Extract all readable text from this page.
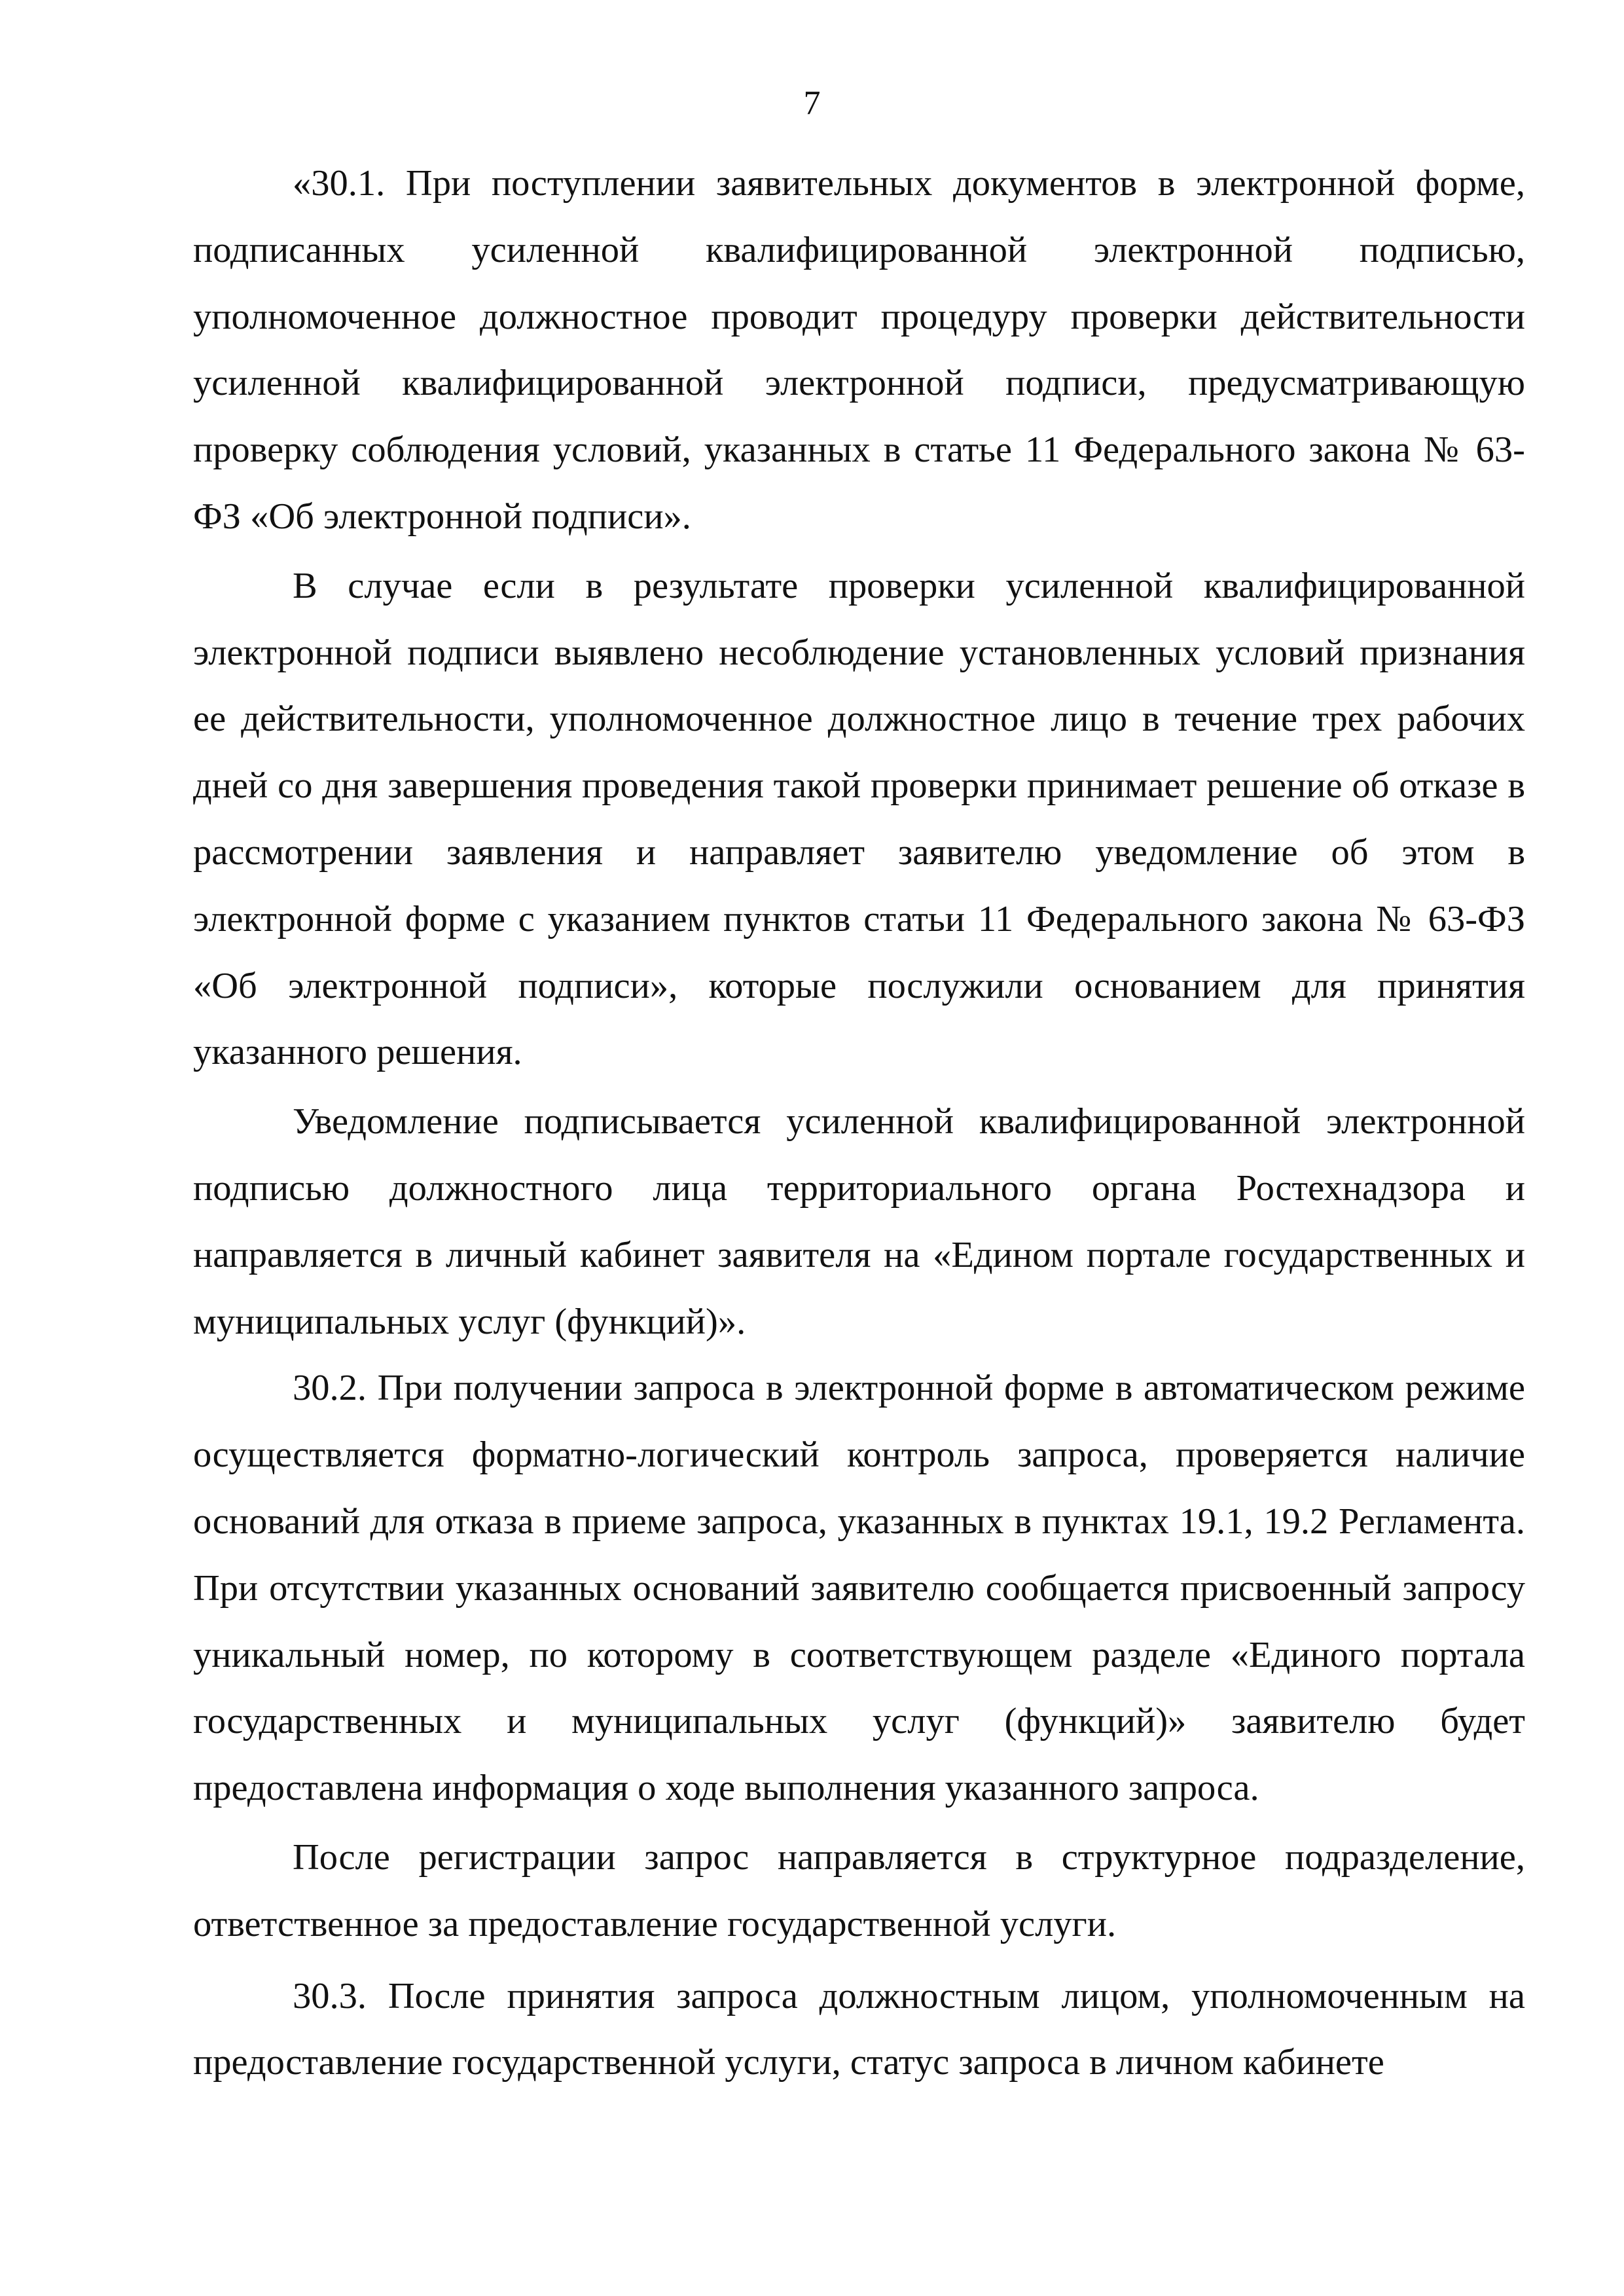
7

«30.1. При поступлении заявительных документов в электронной форме, подписанных усиленной квалифицированной электронной подписью, уполномоченное должностное проводит процедуру проверки действительности усиленной квалифицированной электронной подписи, предусматривающую проверку соблюдения условий, указанных в статье 11 Федерального закона № 63-ФЗ «Об электронной подписи».

В случае если в результате проверки усиленной квалифицированной электронной подписи выявлено несоблюдение установленных условий признания ее действительности, уполномоченное должностное лицо в течение трех рабочих дней со дня завершения проведения такой проверки принимает решение об отказе в рассмотрении заявления и направляет заявителю уведомление об этом в электронной форме с указанием пунктов статьи 11 Федерального закона № 63-ФЗ «Об электронной подписи», которые послужили основанием для принятия указанного решения.

Уведомление подписывается усиленной квалифицированной электронной подписью должностного лица территориального органа Ростехнадзора и направляется в личный кабинет заявителя на «Едином портале государственных и муниципальных услуг (функций)».

30.2. При получении запроса в электронной форме в автоматическом режиме осуществляется форматно-логический контроль запроса, проверяется наличие оснований для отказа в приеме запроса, указанных в пунктах 19.1, 19.2 Регламента. При отсутствии указанных оснований заявителю сообщается присвоенный запросу уникальный номер, по которому в соответствующем разделе «Единого портала государственных и муниципальных услуг (функций)» заявителю будет предоставлена информация о ходе выполнения указанного запроса.

После регистрации запрос направляется в структурное подразделение, ответственное за предоставление государственной услуги.

30.3. После принятия запроса должностным лицом, уполномоченным на предоставление государственной услуги, статус запроса в личном кабинете
